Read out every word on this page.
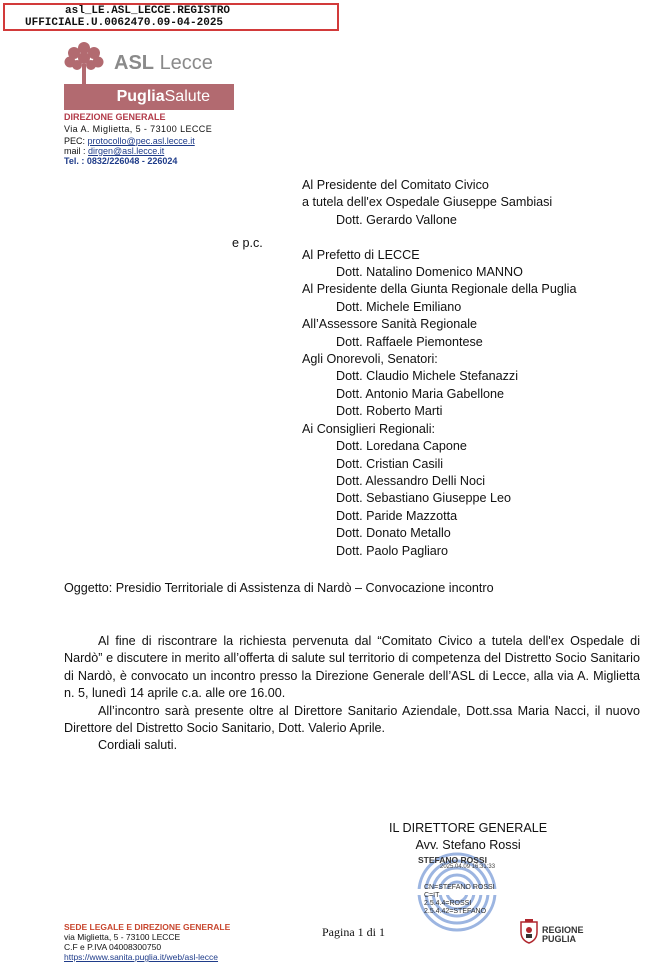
asl_LE.ASL_LECCE.REGISTRO
UFFICIALE.U.0062470.09-04-2025
ASL Lecce
PugliaSalute
DIREZIONE GENERALE
Via A. Miglietta, 5 - 73100 LECCE
PEC: protocollo@pec.asl.lecce.it
mail : dirgen@asl.lecce.it
Tel. : 0832/226048 - 226024
Al Presidente del Comitato Civico
a tutela dell'ex Ospedale Giuseppe Sambiasi
Dott. Gerardo Vallone

Al Prefetto di LECCE
Dott. Natalino Domenico MANNO
Al Presidente della Giunta Regionale della Puglia
Dott. Michele Emiliano
All’Assessore Sanità Regionale
Dott. Raffaele Piemontese
Agli Onorevoli, Senatori:
Dott. Claudio Michele Stefanazzi
Dott. Antonio Maria Gabellone
Dott. Roberto Marti
Ai Consiglieri Regionali:
Dott. Loredana Capone
Dott. Cristian Casili
Dott. Alessandro Delli Noci
Dott. Sebastiano Giuseppe Leo
Dott. Paride Mazzotta
Dott. Donato Metallo
Dott. Paolo Pagliaro
e p.c.
Oggetto: Presidio Territoriale di Assistenza di Nardò – Convocazione incontro

Al fine di riscontrare la richiesta pervenuta dal “Comitato Civico a tutela dell'ex Ospedale di Nardò” e discutere in merito all’offerta di salute sul territorio di competenza del Distretto Socio Sanitario di Nardò, è convocato un incontro presso la Direzione Generale dell’ASL di Lecce, alla via A. Miglietta n. 5, lunedì 14 aprile c.a. alle ore 16.00.

All’incontro sarà presente oltre al Direttore Sanitario Aziendale, Dott.ssa Maria Nacci, il nuovo Direttore del Distretto Socio Sanitario, Dott. Valerio Aprile.

Cordiali saluti.

IL DIRETTORE GENERALE
Avv. Stefano Rossi
STEFANO ROSSI
2025.04.09 16:31:33
CN=STEFANO ROSSI
C=IT
2.5.4.4=ROSSI
2.5.4.42=STEFANO
SEDE LEGALE E DIREZIONE GENERALE
via Miglietta, 5 - 73100 LECCE
C.F e P.IVA 04008300750
https://www.sanita.puglia.it/web/asl-lecce
Pagina 1 di 1	REGIONE
PUGLIA
